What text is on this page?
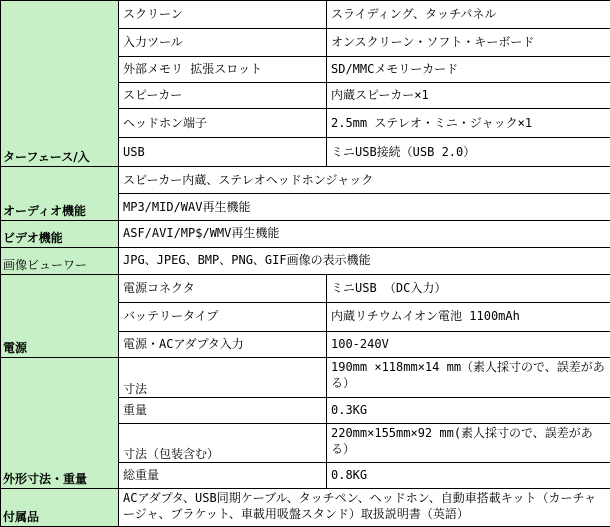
ターフェース/入	スクリーン	スライディング、タッチパネル
	入力ツール	オンスクリーン・ソフト・キーボード
	外部メモリ 拡張スロット	SD/MMCメモリーカード
	スピーカー	内蔵スピーカー×1
	ヘッドホン端子	2.5mm ステレオ・ミニ・ジャック×1
	USB	ミニUSB接続（USB 2.0）
オーディオ機能	スピーカー内蔵、ステレオヘッドホンジャック	
	MP3/MID/WAV再生機能	
ビデオ機能	ASF/AVI/MP$/WMV再生機能	
画像ビューワー	JPG、JPEG、BMP、PNG、GIF画像の表示機能	
電源	電源コネクタ	ミニUSB （DC入力）
	バッテリータイプ	内蔵リチウムイオン電池 1100mAh
	電源・ACアダプタ入力	100-240V
外形寸法・重量	寸法	190mm ×118mm×14 mm（素人採寸ので、誤差がある）
	重量	0.3KG
	寸法（包装含む）	220mm×155mm×92 mm(素人採寸ので、誤差がある）
	総重量	0.8KG
付属品	ACアダプタ、USB同期ケーブル、タッチペン、ヘッドホン、自動車搭載キット（カーチャージャ、ブラケット、車載用吸盤スタンド）取扱説明書（英語）	
